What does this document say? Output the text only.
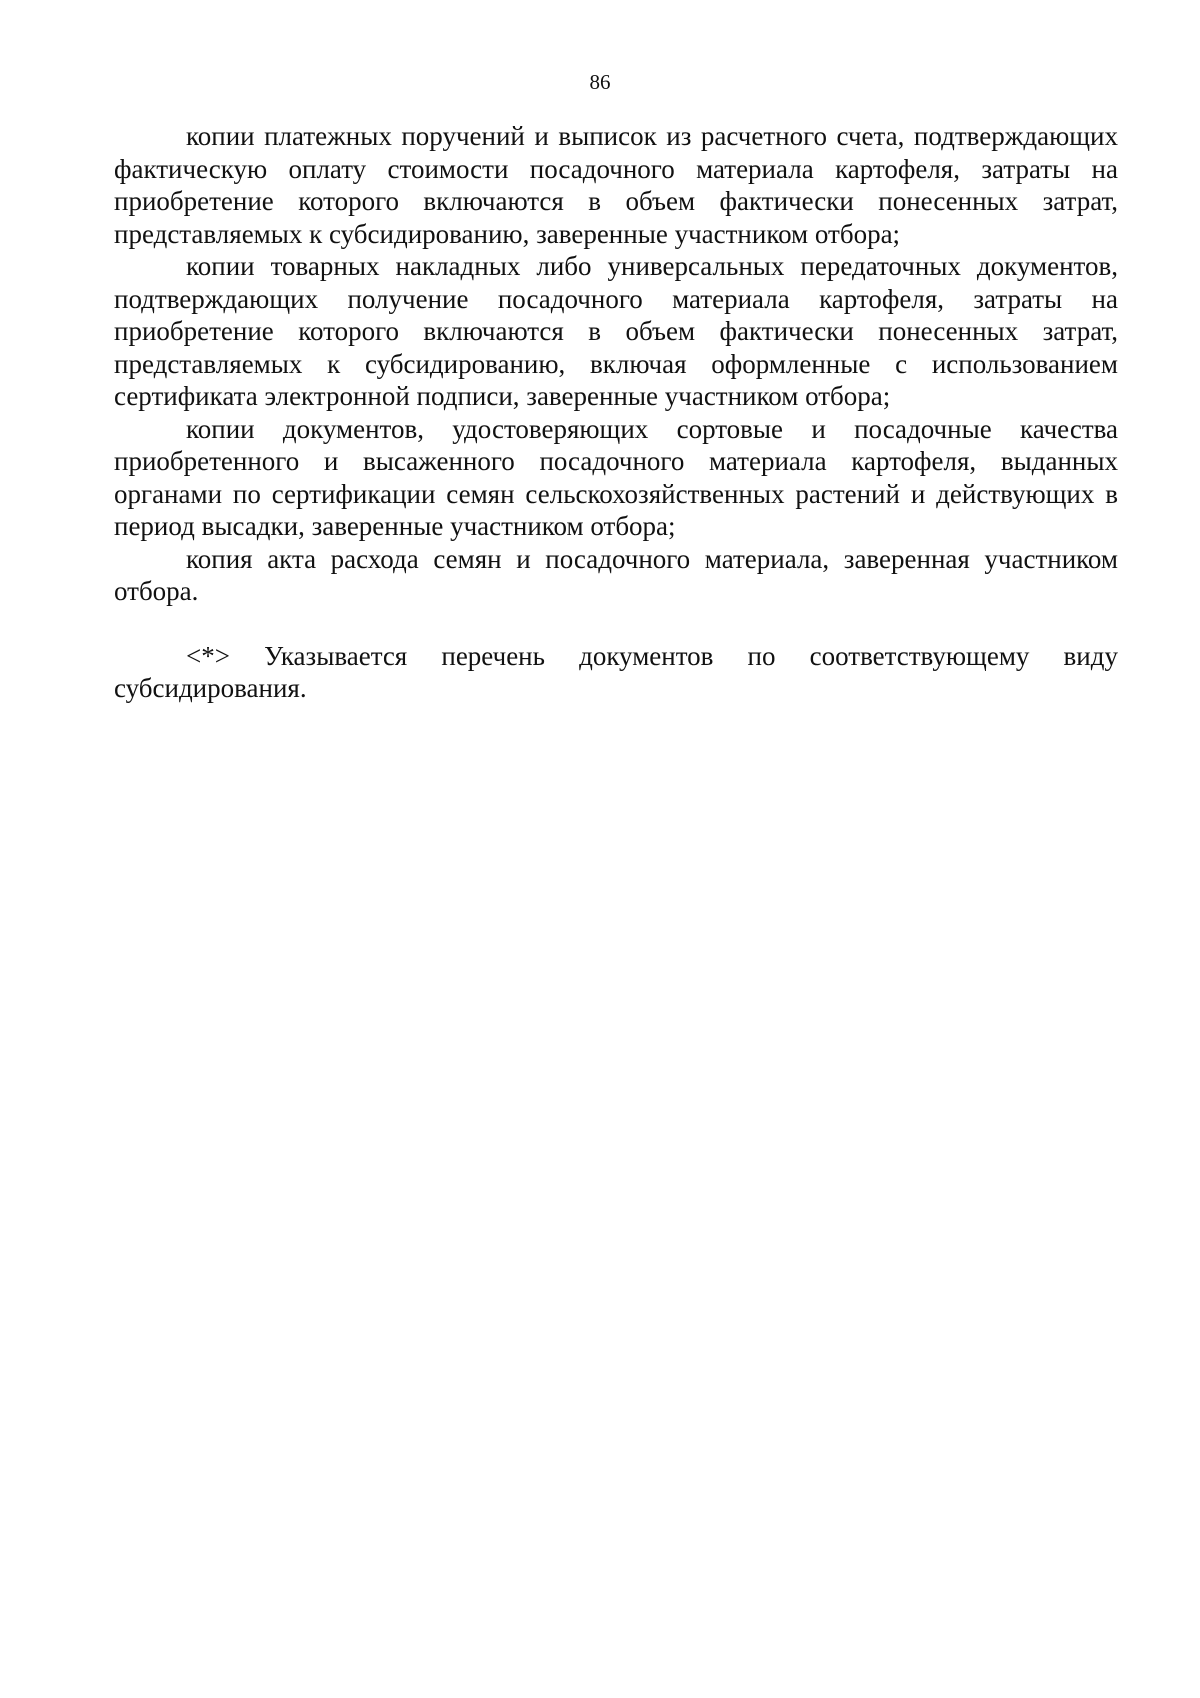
86

копии платежных поручений и выписок из расчетного счета, подтверждающих фактическую оплату стоимости посадочного материала картофеля, затраты на приобретение которого включаются в объем фактически понесенных затрат, представляемых к субсидированию, заверенные участником отбора;

копии товарных накладных либо универсальных передаточных документов, подтверждающих получение посадочного материала картофеля, затраты на приобретение которого включаются в объем фактически понесенных затрат, представляемых к субсидированию, включая оформленные с использованием сертификата электронной подписи, заверенные участником отбора;

копии документов, удостоверяющих сортовые и посадочные качества приобретенного и высаженного посадочного материала картофеля, выданных органами по сертификации семян сельскохозяйственных растений и действующих в период высадки, заверенные участником отбора;

копия акта расхода семян и посадочного материала, заверенная участником отбора.

<*> Указывается перечень документов по соответствующему виду субсидирования.
